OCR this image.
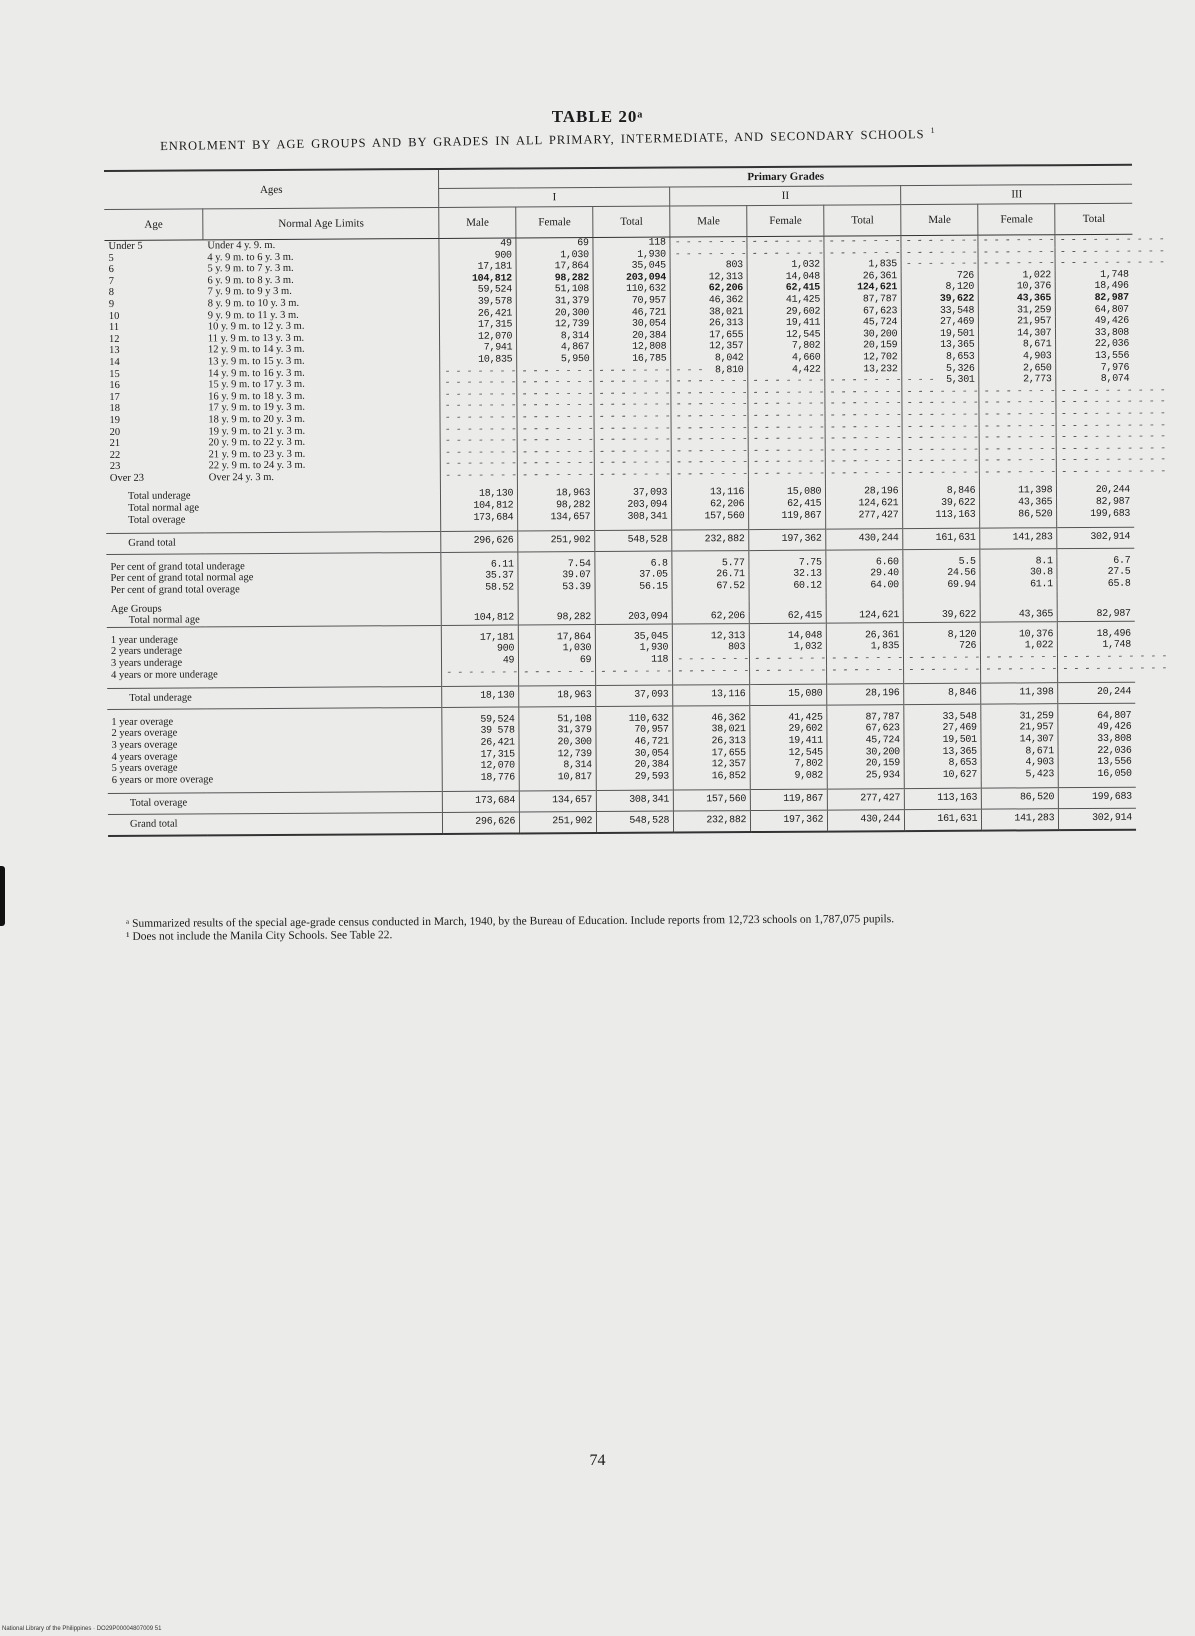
TABLE 20ᵃ
ENROLMENT BY AGE GROUPS AND BY GRADES IN ALL PRIMARY, INTERMEDIATE, AND SECONDARY SCHOOLS $^1$
Ages		Primary Grades								
		I			II			III		
Age	Normal Age Limits	Male	Female	Total	Male	Female	Total	Male	Female	Total
Under 5	Under 4 y. 9. m.	49	69	118	- - - - - - - - - -	- - - - - - - - - -	- - - - - - - - - -	- - - - - - - - - -	- - - - - - - - - -	- - - - - - - - - -
5	4 y. 9 m. to 6 y. 3 m.	900	1,030	1,930	- - - - - - - - - -	- - - - - - - - - -	- - - - - - - - - -	- - - - - - - - - -	- - - - - - - - - -	- - - - - - - - - -
6	5 y. 9 m. to 7 y. 3 m.	17,181	17,864	35,045	803	1,032	1,835	- - - - - - - - - -	- - - - - - - - - -	- - - - - - - - - -
7	6 y. 9 m. to 8 y. 3 m.	104,812	98,282	203,094	12,313	14,048	26,361	726	1,022	1,748
8	7 y. 9 m. to 9 y 3 m.	59,524	51,108	110,632	62,206	62,415	124,621	8,120	10,376	18,496
9	8 y. 9 m. to 10 y. 3 m.	39,578	31,379	70,957	46,362	41,425	87,787	39,622	43,365	82,987
10	9 y. 9 m. to 11 y. 3 m.	26,421	20,300	46,721	38,021	29,602	67,623	33,548	31,259	64,807
11	10 y. 9 m. to 12 y. 3 m.	17,315	12,739	30,054	26,313	19,411	45,724	27,469	21,957	49,426
12	11 y. 9 m. to 13 y. 3 m.	12,070	8,314	20,384	17,655	12,545	30,200	19,501	14,307	33,808
13	12 y. 9 m. to 14 y. 3 m.	7,941	4,867	12,808	12,357	7,802	20,159	13,365	8,671	22,036
14	13 y. 9 m. to 15 y. 3 m.	10,835	5,950	16,785	8,042	4,660	12,702	8,653	4,903	13,556
15	14 y. 9 m. to 16 y. 3 m.	- - - - - - - - - -	- - - - - - - - - -	- - - - - - - - - -	8,810	4,422	13,232	5,326	2,650	7,976
16	15 y. 9 m. to 17 y. 3 m.	- - - - - - - - - -	- - - - - - - - - -	- - - - - - - - - -	- - - - - - - - - -	- - - - - - - - - -	- - - - - - - - - -	5,301	2,773	8,074
17	16 y. 9 m. to 18 y. 3 m.	- - - - - - - - - -	- - - - - - - - - -	- - - - - - - - - -	- - - - - - - - - -	- - - - - - - - - -	- - - - - - - - - -	- - - - - - - - - -	- - - - - - - - - -	- - - - - - - - - -
18	17 y. 9 m. to 19 y. 3 m.	- - - - - - - - - -	- - - - - - - - - -	- - - - - - - - - -	- - - - - - - - - -	- - - - - - - - - -	- - - - - - - - - -	- - - - - - - - - -	- - - - - - - - - -	- - - - - - - - - -
19	18 y. 9 m. to 20 y. 3 m.	- - - - - - - - - -	- - - - - - - - - -	- - - - - - - - - -	- - - - - - - - - -	- - - - - - - - - -	- - - - - - - - - -	- - - - - - - - - -	- - - - - - - - - -	- - - - - - - - - -
20	19 y. 9 m. to 21 y. 3 m.	- - - - - - - - - -	- - - - - - - - - -	- - - - - - - - - -	- - - - - - - - - -	- - - - - - - - - -	- - - - - - - - - -	- - - - - - - - - -	- - - - - - - - - -	- - - - - - - - - -
21	20 y. 9 m. to 22 y. 3 m.	- - - - - - - - - -	- - - - - - - - - -	- - - - - - - - - -	- - - - - - - - - -	- - - - - - - - - -	- - - - - - - - - -	- - - - - - - - - -	- - - - - - - - - -	- - - - - - - - - -
22	21 y. 9 m. to 23 y. 3 m.	- - - - - - - - - -	- - - - - - - - - -	- - - - - - - - - -	- - - - - - - - - -	- - - - - - - - - -	- - - - - - - - - -	- - - - - - - - - -	- - - - - - - - - -	- - - - - - - - - -
23	22 y. 9 m. to 24 y. 3 m.	- - - - - - - - - -	- - - - - - - - - -	- - - - - - - - - -	- - - - - - - - - -	- - - - - - - - - -	- - - - - - - - - -	- - - - - - - - - -	- - - - - - - - - -	- - - - - - - - - -
Over 23	Over 24 y. 3 m.	- - - - - - - - - -	- - - - - - - - - -	- - - - - - - - - -	- - - - - - - - - -	- - - - - - - - - -	- - - - - - - - - -	- - - - - - - - - -	- - - - - - - - - -	- - - - - - - - - -

Total underage		18,130	18,963	37,093	13,116	15,080	28,196	8,846	11,398	20,244
Total normal age		104,812	98,282	203,094	62,206	62,415	124,621	39,622	43,365	82,987
Total overage		173,684	134,657	308,341	157,560	119,867	277,427	113,163	86,520	199,683

Grand total		296,626	251,902	548,528	232,882	197,362	430,244	161,631	141,283	302,914

Per cent of grand total underage		6.11	7.54	6.8	5.77	7.75	6.60	5.5	8.1	6.7
Per cent of grand total normal age		35.37	39.07	37.05	26.71	32.13	29.40	24.56	30.8	27.5
Per cent of grand total overage		58.52	53.39	56.15	67.52	60.12	64.00	69.94	61.1	65.8

Age Groups										
Total normal age		104,812	98,282	203,094	62,206	62,415	124,621	39,622	43,365	82,987

1 year underage		17,181	17,864	35,045	12,313	14,048	26,361	8,120	10,376	18,496
2 years underage		900	1,030	1,930	803	1,032	1,835	726	1,022	1,748
3 years underage		49	69	118	- - - - - - - - - -	- - - - - - - - - -	- - - - - - - - - -	- - - - - - - - - -	- - - - - - - - - -	- - - - - - - - - -
4 years or more underage		- - - - - - - - - -	- - - - - - - - - -	- - - - - - - - - -	- - - - - - - - - -	- - - - - - - - - -	- - - - - - - - - -	- - - - - - - - - -	- - - - - - - - - -	- - - - - - - - - -

Total underage		18,130	18,963	37,093	13,116	15,080	28,196	8,846	11,398	20,244

1 year overage		59,524	51,108	110,632	46,362	41,425	87,787	33,548	31,259	64,807
2 years overage		39 578	31,379	70,957	38,021	29,602	67,623	27,469	21,957	49,426
3 years overage		26,421	20,300	46,721	26,313	19,411	45,724	19,501	14,307	33,808
4 years overage		17,315	12,739	30,054	17,655	12,545	30,200	13,365	8,671	22,036
5 years overage		12,070	8,314	20,384	12,357	7,802	20,159	8,653	4,903	13,556
6 years or more overage		18,776	10,817	29,593	16,852	9,082	25,934	10,627	5,423	16,050

Total overage		173,684	134,657	308,341	157,560	119,867	277,427	113,163	86,520	199,683
Grand total		296,626	251,902	548,528	232,882	197,362	430,244	161,631	141,283	302,914

ᵃ Summarized results of the special age-grade census conducted in March, 1940, by the Bureau of Education. Include reports from 12,723 schools on 1,787,075 pupils.

¹ Does not include the Manila City Schools. See Table 22.

74
National Library of the Philippines · DO29P00004807009 51
